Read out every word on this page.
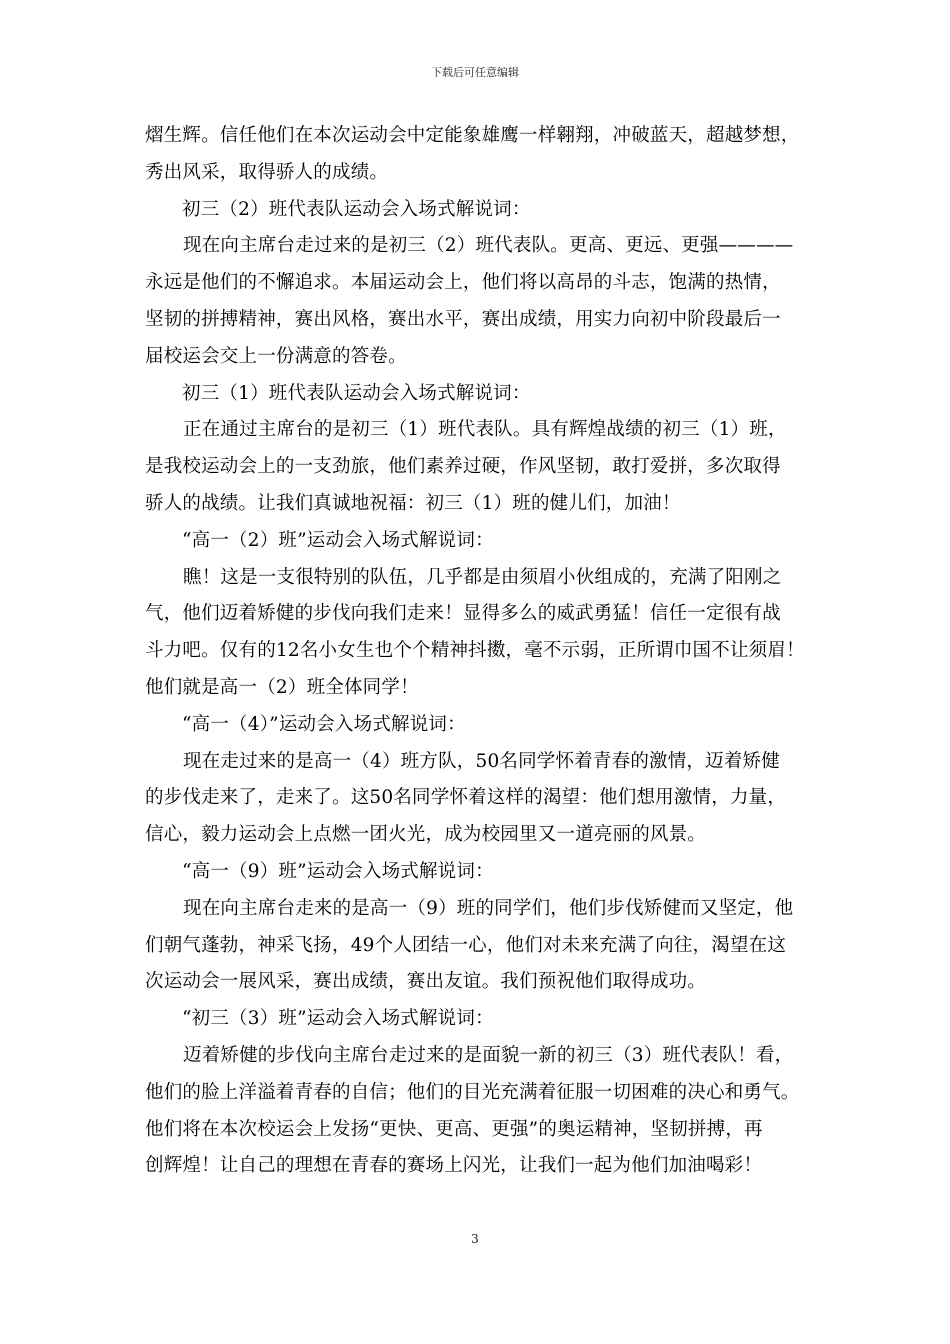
下载后可任意编辑
熠生辉。信任他们在本次运动会中定能象雄鹰一样翱翔，冲破蓝天，超越梦想，
秀出风采，取得骄人的成绩。
初三（2）班代表队运动会入场式解说词：
现在向主席台走过来的是初三（2）班代表队。更高、更远、更强————
永远是他们的不懈追求。本届运动会上，他们将以高昂的斗志，饱满的热情，
坚韧的拼搏精神，赛出风格，赛出水平，赛出成绩，用实力向初中阶段最后一
届校运会交上一份满意的答卷。
初三（1）班代表队运动会入场式解说词：
正在通过主席台的是初三（1）班代表队。具有辉煌战绩的初三（1）班，
是我校运动会上的一支劲旅，他们素养过硬，作风坚韧，敢打爱拼，多次取得
骄人的战绩。让我们真诚地祝福：初三（1）班的健儿们，加油！
“高一（2）班”运动会入场式解说词：
瞧！这是一支很特别的队伍，几乎都是由须眉小伙组成的，充满了阳刚之
气，他们迈着矫健的步伐向我们走来！显得多么的威武勇猛！信任一定很有战
斗力吧。仅有的12名小女生也个个精神抖擞，毫不示弱，正所谓巾国不让须眉！
他们就是高一（2）班全体同学！
“高一（4）”运动会入场式解说词：
现在走过来的是高一（4）班方队，50名同学怀着青春的激情，迈着矫健
的步伐走来了，走来了。这50名同学怀着这样的渴望：他们想用激情，力量，
信心，毅力运动会上点燃一团火光，成为校园里又一道亮丽的风景。
“高一（9）班”运动会入场式解说词：
现在向主席台走来的是高一（9）班的同学们，他们步伐矫健而又坚定，他
们朝气蓬勃，神采飞扬，49个人团结一心，他们对未来充满了向往，渴望在这
次运动会一展风采，赛出成绩，赛出友谊。我们预祝他们取得成功。
“初三（3）班”运动会入场式解说词：
迈着矫健的步伐向主席台走过来的是面貌一新的初三（3）班代表队！看，
他们的脸上洋溢着青春的自信；他们的目光充满着征服一切困难的决心和勇气。
他们将在本次校运会上发扬“更快、更高、更强”的奥运精神，坚韧拼搏，再
创辉煌！让自己的理想在青春的赛场上闪光，让我们一起为他们加油喝彩！
3
